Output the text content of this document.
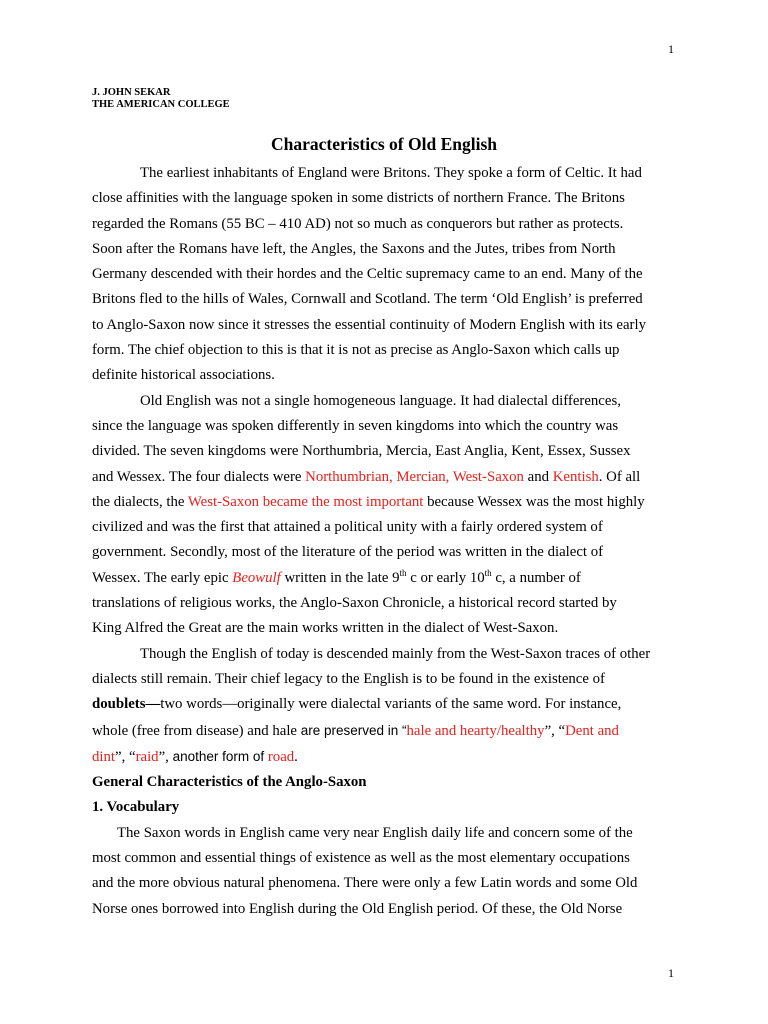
1
J. JOHN SEKAR
THE AMERICAN COLLEGE
Characteristics of Old English
The earliest inhabitants of England were Britons. They spoke a form of Celtic. It had
close affinities with the language spoken in some districts of northern France. The Britons
regarded the Romans (55 BC – 410 AD) not so much as conquerors but rather as protects.
Soon after the Romans have left, the Angles, the Saxons and the Jutes, tribes from North
Germany descended with their hordes and the Celtic supremacy came to an end. Many of the
Britons fled to the hills of Wales, Cornwall and Scotland. The term ‘Old English’ is preferred
to Anglo-Saxon now since it stresses the essential continuity of Modern English with its early
form. The chief objection to this is that it is not as precise as Anglo-Saxon which calls up
definite historical associations.
Old English was not a single homogeneous language. It had dialectal differences,
since the language was spoken differently in seven kingdoms into which the country was
divided. The seven kingdoms were Northumbria, Mercia, East Anglia, Kent, Essex, Sussex
and Wessex. The four dialects were Northumbrian, Mercian, West-Saxon and Kentish. Of all
the dialects, the West-Saxon became the most important because Wessex was the most highly
civilized and was the first that attained a political unity with a fairly ordered system of
government. Secondly, most of the literature of the period was written in the dialect of
Wessex. The early epic Beowulf written in the late 9th c or early 10th c, a number of
translations of religious works, the Anglo-Saxon Chronicle, a historical record started by
King Alfred the Great are the main works written in the dialect of West-Saxon.
Though the English of today is descended mainly from the West-Saxon traces of other
dialects still remain. Their chief legacy to the English is to be found in the existence of
doublets—two words—originally were dialectal variants of the same word. For instance,
whole (free from disease) and hale are preserved in “hale and hearty/healthy”, “Dent and
dint”, “raid”, another form of road.
General Characteristics of the Anglo-Saxon
1. Vocabulary
The Saxon words in English came very near English daily life and concern some of the
most common and essential things of existence as well as the most elementary occupations
and the more obvious natural phenomena. There were only a few Latin words and some Old
Norse ones borrowed into English during the Old English period. Of these, the Old Norse
1
